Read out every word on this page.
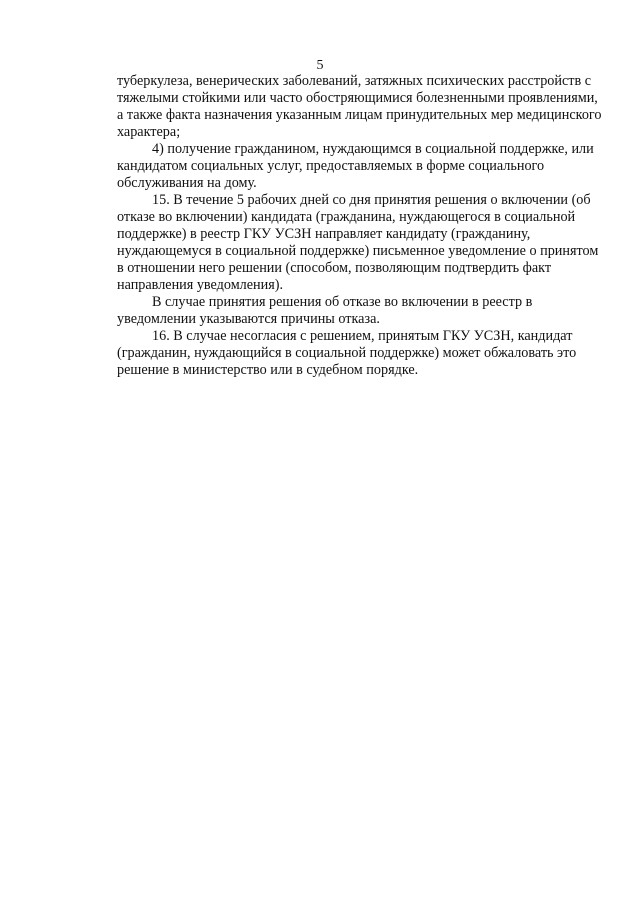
5
туберкулеза, венерических заболеваний, затяжных психических расстройств с
тяжелыми стойкими или часто обостряющимися болезненными проявлениями,
а также факта назначения указанным лицам принудительных мер медицинского
характера;
4) получение гражданином, нуждающимся в социальной поддержке, или
кандидатом социальных услуг, предоставляемых в форме социального
обслуживания на дому.
15. В течение 5 рабочих дней со дня принятия решения о включении (об
отказе во включении) кандидата (гражданина, нуждающегося в социальной
поддержке) в реестр ГКУ УСЗН направляет кандидату (гражданину,
нуждающемуся в социальной поддержке) письменное уведомление о принятом
в отношении него решении (способом, позволяющим подтвердить факт
направления уведомления).
В случае принятия решения об отказе во включении в реестр в
уведомлении указываются причины отказа.
16. В случае несогласия с решением, принятым ГКУ УСЗН, кандидат
(гражданин, нуждающийся в социальной поддержке) может обжаловать это
решение в министерство или в судебном порядке.
